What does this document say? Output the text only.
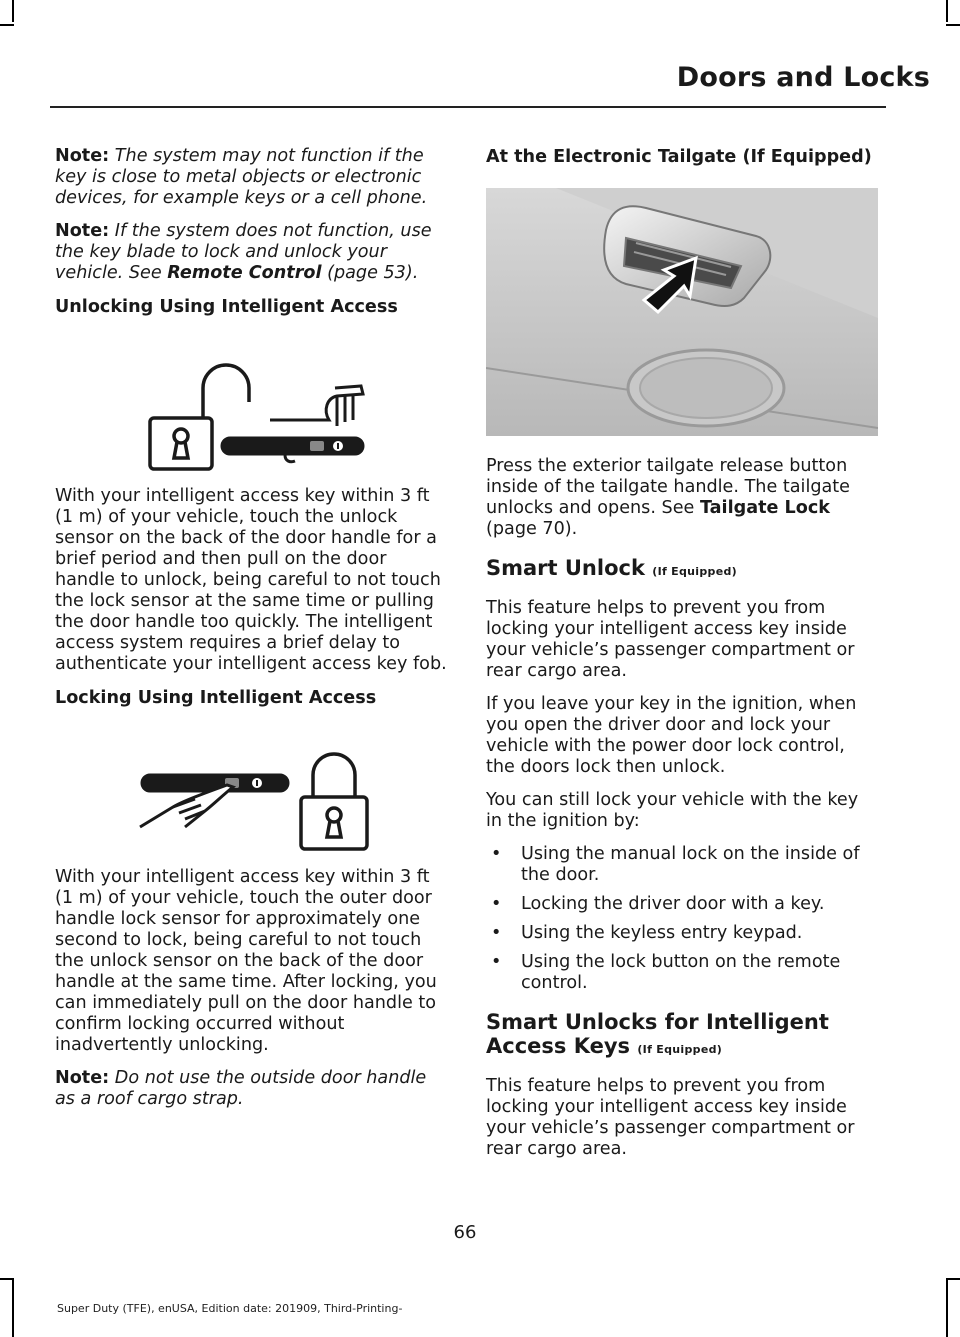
Doors and Locks

Note: The system may not function if the key is close to metal objects or electronic devices, for example keys or a cell phone.

Note: If the system does not function, use the key blade to lock and unlock your vehicle. See Remote Control (page 53).

Unlocking Using Intelligent Access

With your intelligent access key within 3 ft (1 m) of your vehicle, touch the unlock sensor on the back of the door handle for a brief period and then pull on the door handle to unlock, being careful to not touch the lock sensor at the same time or pulling the door handle too quickly. The intelligent access system requires a brief delay to authenticate your intelligent access key fob.

Locking Using Intelligent Access

With your intelligent access key within 3 ft (1 m) of your vehicle, touch the outer door handle lock sensor for approximately one second to lock, being careful to not touch the unlock sensor on the back of the door handle at the same time. After locking, you can immediately pull on the door handle to confirm locking occurred without inadvertently unlocking.

Note: Do not use the outside door handle as a roof cargo strap.

At the Electronic Tailgate (If Equipped)

Press the exterior tailgate release button inside of the tailgate handle. The tailgate unlocks and opens. See Tailgate Lock (page 70).

Smart Unlock (If Equipped)

This feature helps to prevent you from locking your intelligent access key inside your vehicle’s passenger compartment or rear cargo area.

If you leave your key in the ignition, when you open the driver door and lock your vehicle with the power door lock control, the doors lock then unlock.

You can still lock your vehicle with the key in the ignition by:

• Using the manual lock on the inside of the door.
• Locking the driver door with a key.
• Using the keyless entry keypad.
• Using the lock button on the remote control.
Smart Unlocks for Intelligent
Access Keys (If Equipped)

This feature helps to prevent you from locking your intelligent access key inside your vehicle’s passenger compartment or rear cargo area.

66
Super Duty (TFE), enUSA, Edition date: 201909, Third-Printing-
